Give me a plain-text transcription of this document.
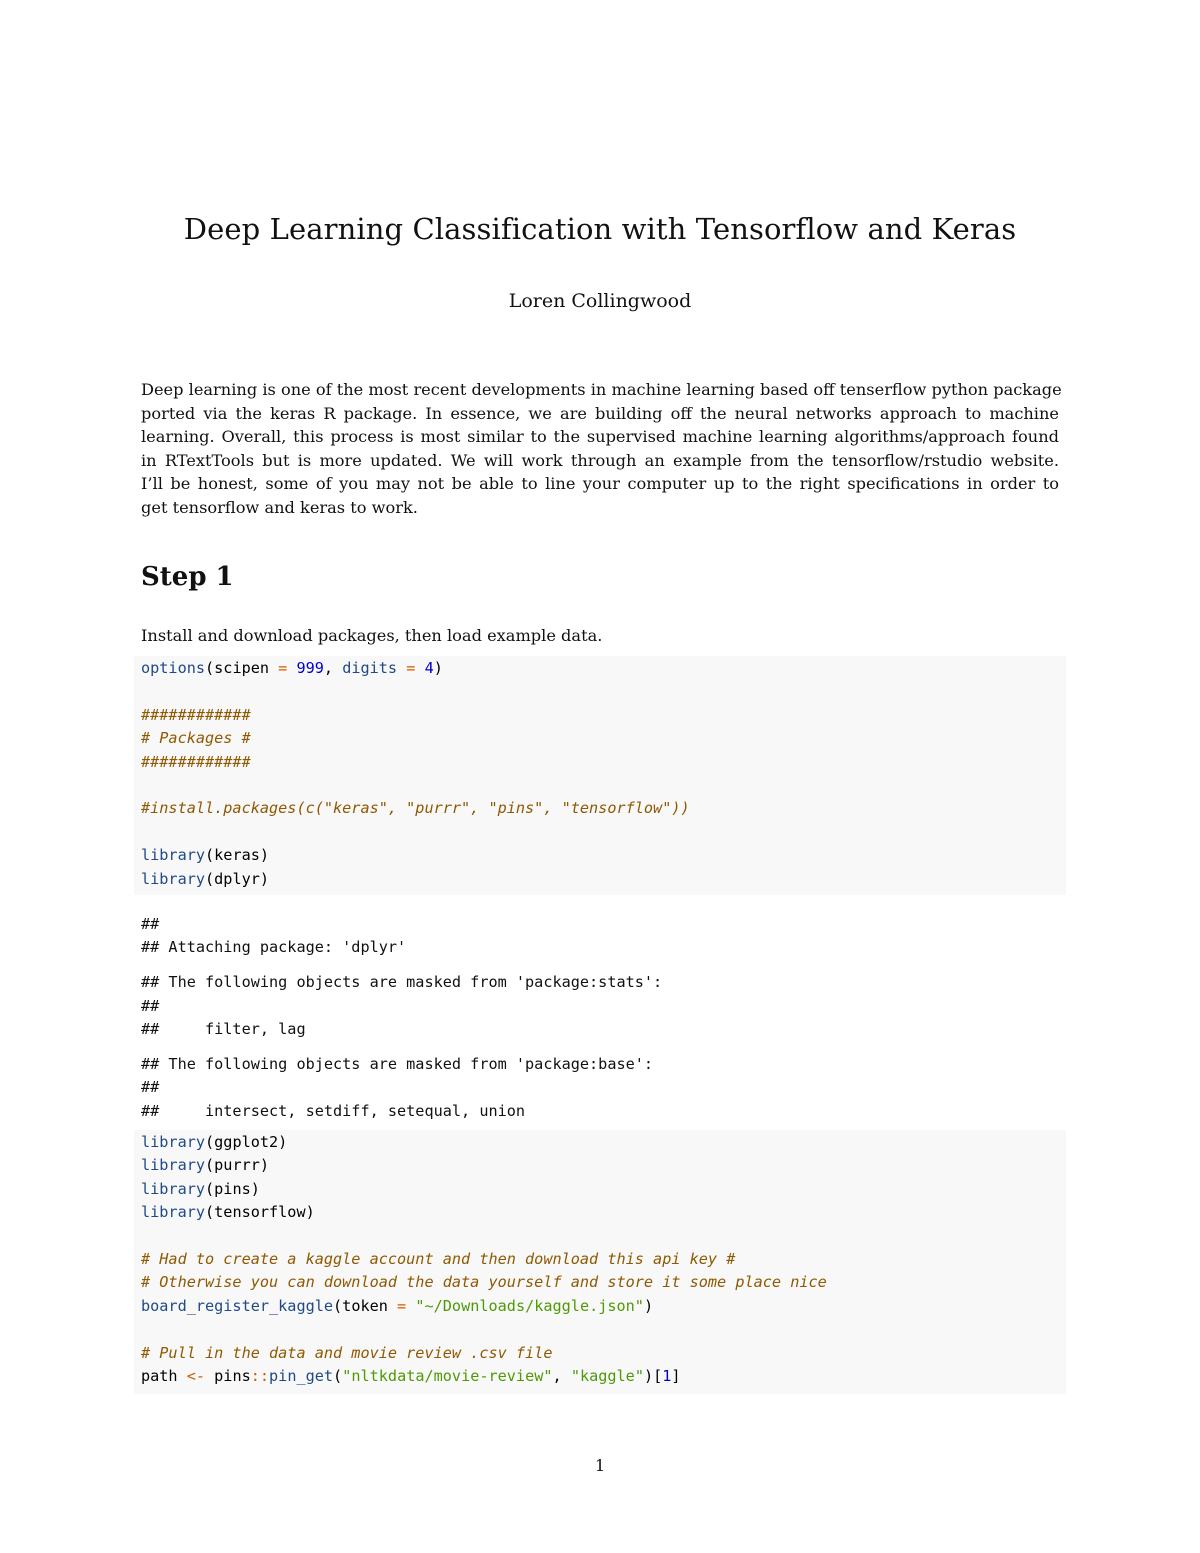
Deep Learning Classification with Tensorflow and Keras

Loren Collingwood

Deep learning is one of the most recent developments in machine learning based off tenserflow python package
ported via the keras R package. In essence, we are building off the neural networks approach to machine
learning. Overall, this process is most similar to the supervised machine learning algorithms/approach found
in RTextTools but is more updated. We will work through an example from the tensorflow/rstudio website.
I’ll be honest, some of you may not be able to line your computer up to the right specifications in order to
get tensorflow and keras to work.

Step 1

Install and download packages, then load example data.

options(scipen = 999, digits = 4)
############
# Packages #
############
#install.packages(c("keras", "purrr", "pins", "tensorflow"))
library(keras)
library(dplyr)
##
## Attaching package: 'dplyr'
## The following objects are masked from 'package:stats':
##
##     filter, lag
## The following objects are masked from 'package:base':
##
##     intersect, setdiff, setequal, union
library(ggplot2)
library(purrr)
library(pins)
library(tensorflow)
# Had to create a kaggle account and then download this api key #
# Otherwise you can download the data yourself and store it some place nice
board_register_kaggle(token = "~/Downloads/kaggle.json")
# Pull in the data and movie review .csv file
path <- pins::pin_get("nltkdata/movie-review", "kaggle")[1]

1
